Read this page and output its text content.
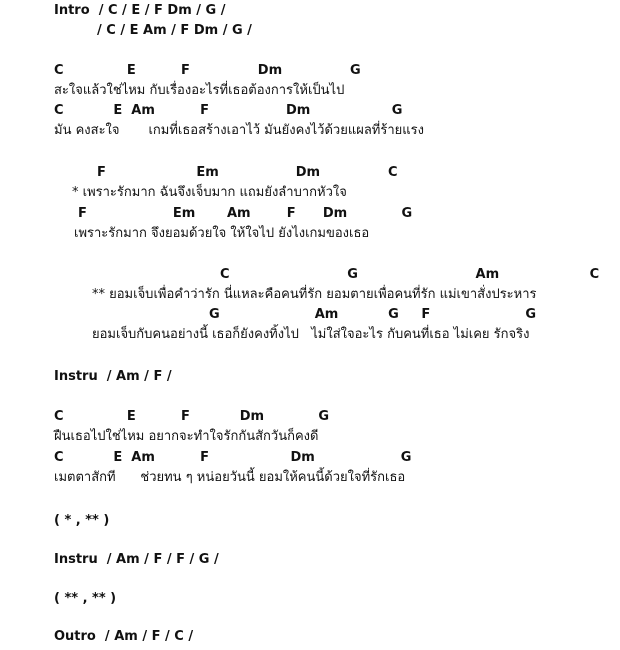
Intro  / C / E / F Dm / G /

/ C / E Am / F Dm / G /

C              E          F               Dm               G

สะใจแล้วใช่ไหม กับเรื่องอะไรที่เธอต้องการให้เป็นไป

C           E  Am          F                 Dm                  G

มัน คงสะใจ       เกมที่เธอสร้างเอาไว้ มันยังคงไว้ด้วยแผลที่ร้ายแรง

F                    Em                 Dm               C

* เพราะรักมาก ฉันจึงเจ็บมาก แถมยังลำบากหัวใจ

F                   Em       Am        F      Dm            G

เพราะรักมาก จึงยอมด้วยใจ ให้ใจไป ยังไงเกมของเธอ

C                          G                          Am                    C

** ยอมเจ็บเพื่อคำว่ารัก นี่แหละคือคนที่รัก ยอมตายเพื่อคนที่รัก แม่เขาสั่งประหาร

G                     Am           G     F                     G

ยอมเจ็บกับคนอย่างนี้ เธอก็ยังคงทิ้งไป   ไม่ใส่ใจอะไร กับคนที่เธอ ไม่เคย รักจริง

Instru  / Am / F /

C              E          F           Dm            G

ฝืนเธอไปใช่ไหม อยากจะทำใจรักกันสักวันก็คงดี

C           E  Am          F                  Dm                   G

เมตตาสักที      ช่วยทน ๆ หน่อยวันนี้ ยอมให้คนนี้ด้วยใจที่รักเธอ

( * , ** )

Instru  / Am / F / F / G /

( ** , ** )

Outro  / Am / F / C /
